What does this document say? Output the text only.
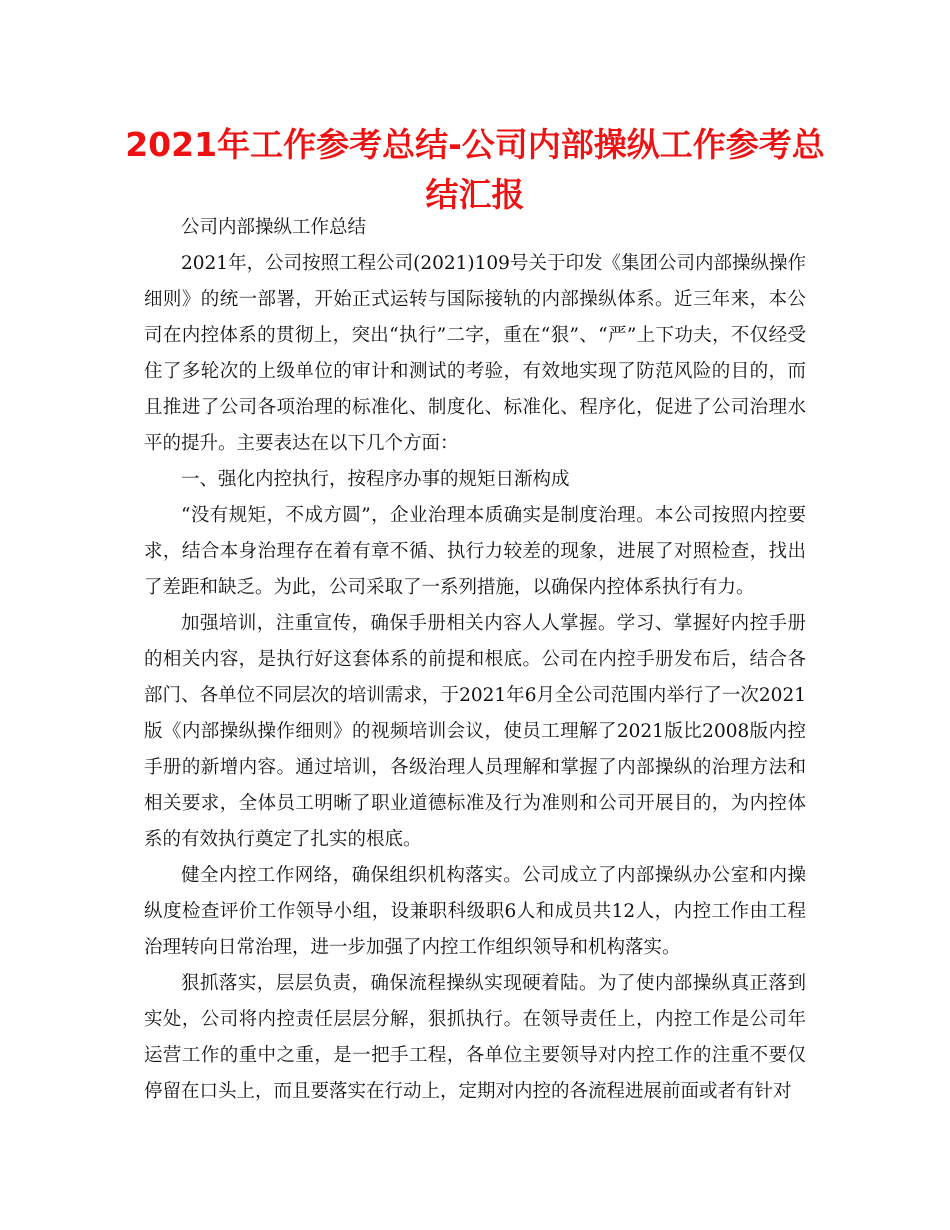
2021年工作参考总结-公司内部操纵工作参考总结汇报

公司内部操纵工作总结

2021年，公司按照工程公司(2021)109号关于印发《集团公司内部操纵操作细则》的统一部署，开始正式运转与国际接轨的内部操纵体系。近三年来，本公司在内控体系的贯彻上，突出“执行”二字，重在“狠”、“严”上下功夫，不仅经受住了多轮次的上级单位的审计和测试的考验，有效地实现了防范风险的目的，而且推进了公司各项治理的标准化、制度化、标准化、程序化，促进了公司治理水平的提升。主要表达在以下几个方面：

一、强化内控执行，按程序办事的规矩日渐构成

“没有规矩，不成方圆”，企业治理本质确实是制度治理。本公司按照内控要求，结合本身治理存在着有章不循、执行力较差的现象，进展了对照检查，找出了差距和缺乏。为此，公司采取了一系列措施，以确保内控体系执行有力。

加强培训，注重宣传，确保手册相关内容人人掌握。学习、掌握好内控手册的相关内容，是执行好这套体系的前提和根底。公司在内控手册发布后，结合各部门、各单位不同层次的培训需求，于2021年6月全公司范围内举行了一次2021版《内部操纵操作细则》的视频培训会议，使员工理解了2021版比2008版内控手册的新增内容。通过培训，各级治理人员理解和掌握了内部操纵的治理方法和相关要求，全体员工明晰了职业道德标准及行为准则和公司开展目的，为内控体系的有效执行奠定了扎实的根底。

健全内控工作网络，确保组织机构落实。公司成立了内部操纵办公室和内操纵度检查评价工作领导小组，设兼职科级职6人和成员共12人，内控工作由工程治理转向日常治理，进一步加强了内控工作组织领导和机构落实。

狠抓落实，层层负责，确保流程操纵实现硬着陆。为了使内部操纵真正落到实处，公司将内控责任层层分解，狠抓执行。在领导责任上，内控工作是公司年运营工作的重中之重，是一把手工程，各单位主要领导对内控工作的注重不要仅停留在口头上，而且要落实在行动上，定期对内控的各流程进展前面或者有针对
